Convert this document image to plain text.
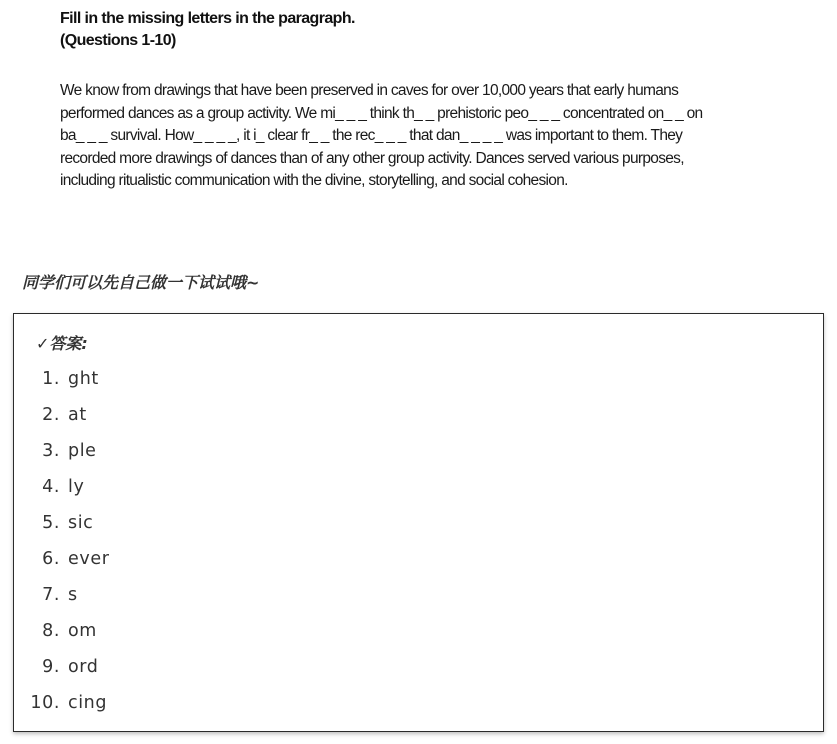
Fill in the missing letters in the paragraph.
(Questions 1-10)

We know from drawings that have been preserved in caves for over 10,000 years that early humans
performed dances as a group activity. We mi_ _ _ think th_ _ prehistoric peo_ _ _ concentrated on_ _ on
ba_ _ _ survival. How_ _ _ _, it i_ clear fr_ _ the rec_ _ _ that dan_ _ _ _ was important to them. They
recorded more drawings of dances than of any other group activity. Dances served various purposes,
including ritualistic communication with the divine, storytelling, and social cohesion.

同学们可以先自己做一下试试哦~

✓答案:
1. ght
2. at
3. ple
4. ly
5. sic
6. ever
7. s
8. om
9. ord
10. cing
